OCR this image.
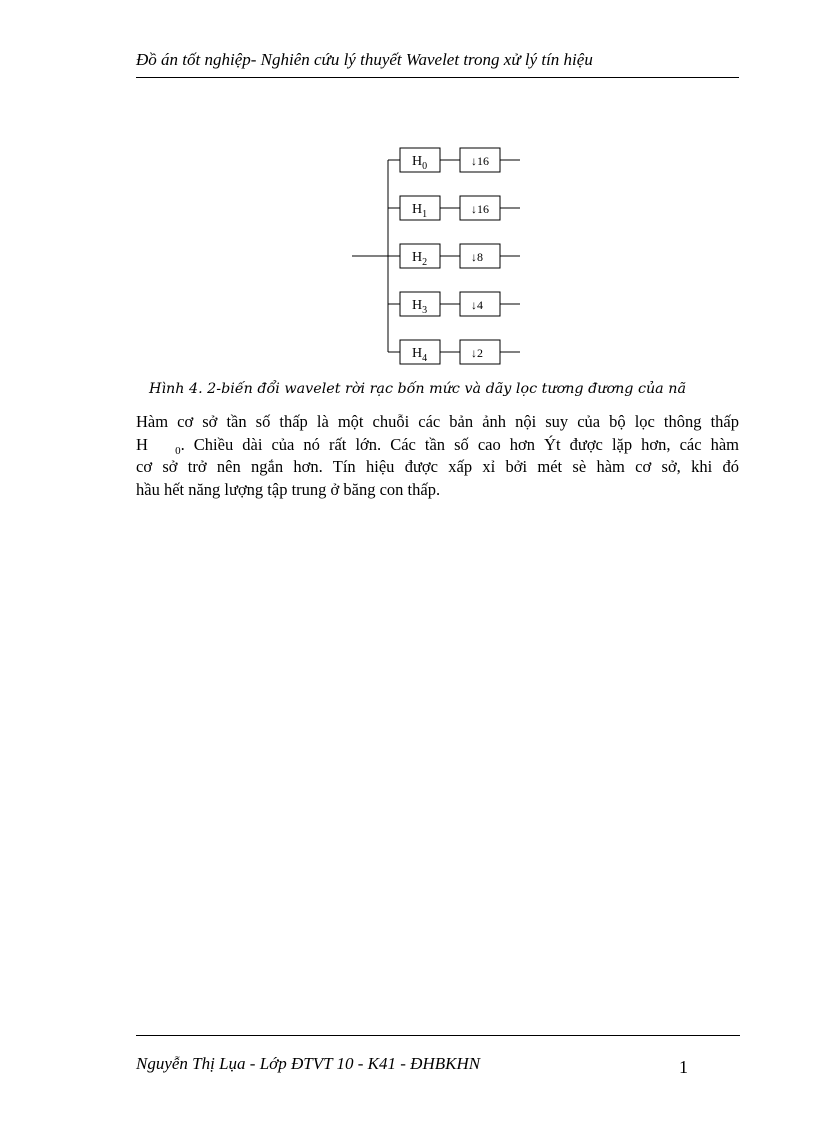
Đồ án tốt nghiệp- Nghiên cứu lý thuyết Wavelet trong xử lý tín hiệu
$H_0$	↓16
$H_1$	↓16
$H_2$	↓8
$H_3$	↓4
$H_4$	↓2
Hình 4. 2-biến đổi wavelet rời rạc bốn mức và dãy lọc tương đương của nã
Hàm cơ sở tần số thấp là một chuỗi các bản ảnh nội suy của bộ lọc thông thấp
H $_0$. Chiều dài của nó rất lớn. Các tần số cao hơn Ýt được lặp hơn, các hàm
cơ sở trở nên ngắn hơn. Tín hiệu được xấp xỉ bởi mét sè hàm cơ sở, khi đó
hầu hết năng lượng tập trung ở băng con thấp.
Nguyễn Thị Lụa - Lớp ĐTVT 10 - K41 - ĐHBKHN	1
